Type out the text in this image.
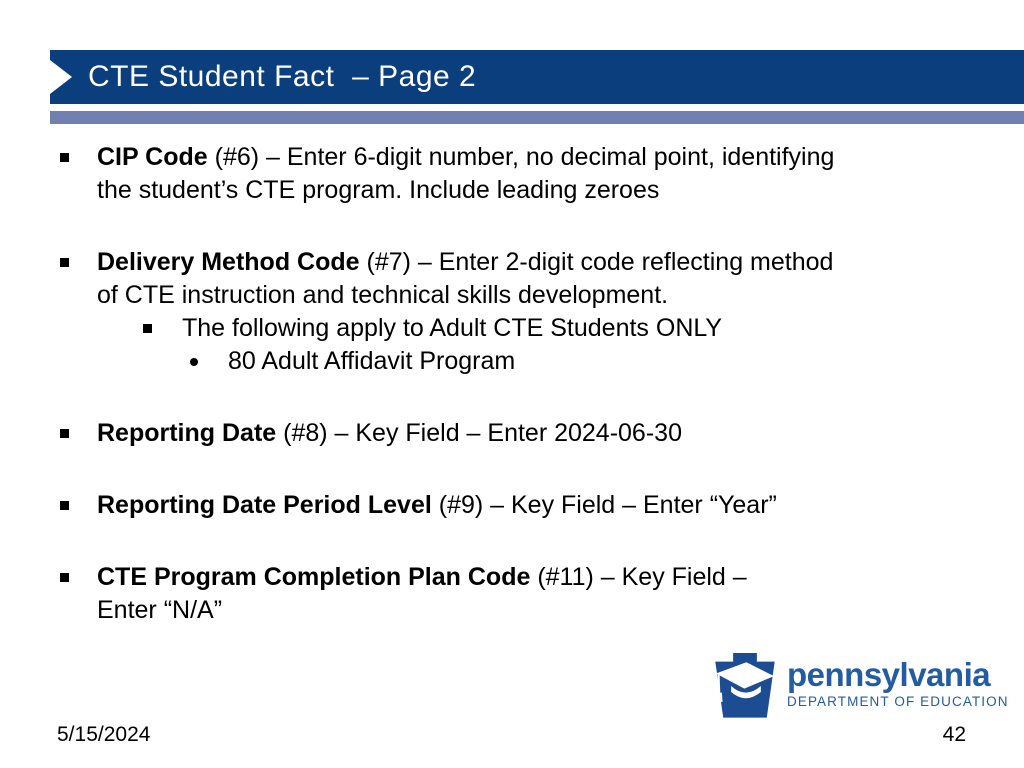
CTE Student Fact  – Page 2
CIP Code (#6) – Enter 6-digit number, no decimal point, identifying
the student’s CTE program. Include leading zeroes
Delivery Method Code (#7) – Enter 2-digit code reflecting method
of CTE instruction and technical skills development.
The following apply to Adult CTE Students ONLY
80 Adult Affidavit Program
Reporting Date (#8) – Key Field – Enter 2024-06-30
Reporting Date Period Level (#9) – Key Field – Enter “Year”
CTE Program Completion Plan Code (#11) – Key Field –
Enter “N/A”
5/15/2024	42
pennsylvania
DEPARTMENT OF EDUCATION
